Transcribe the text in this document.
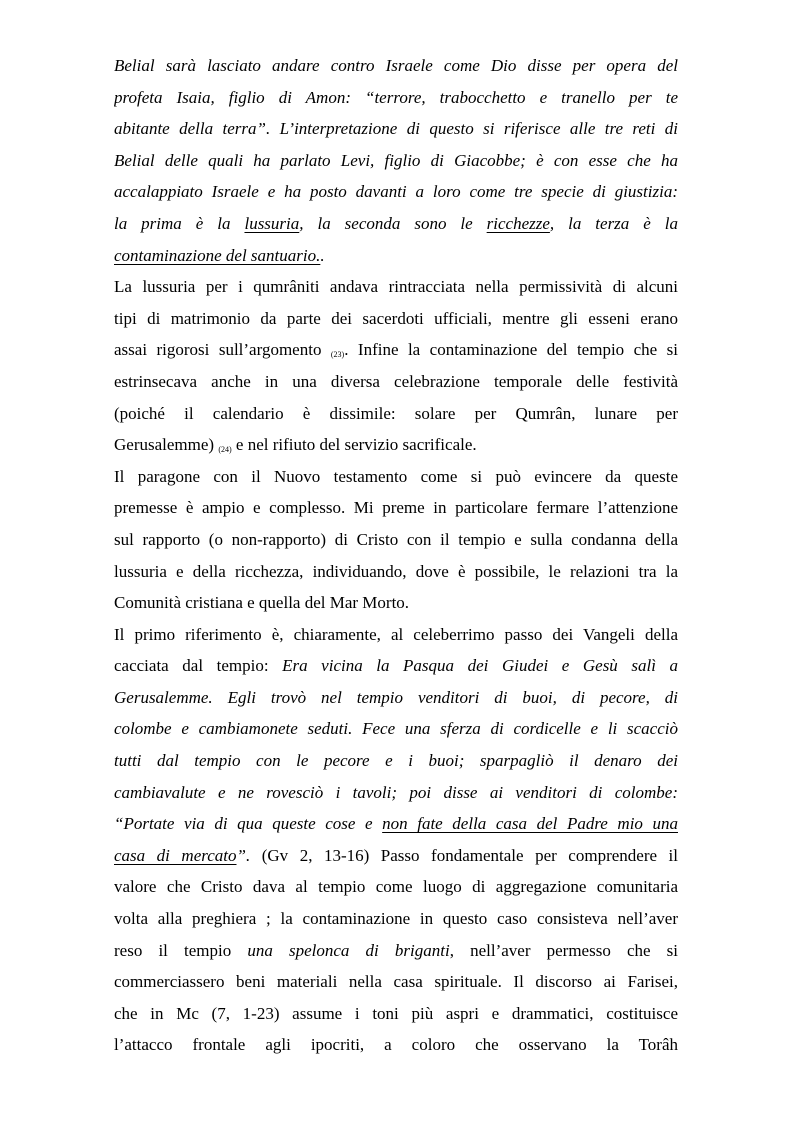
Belial sarà lasciato andare contro Israele come Dio disse per opera del
profeta Isaia, figlio di Amon: “terrore, trabocchetto e tranello per te
abitante della terra”. L’interpretazione di questo si riferisce alle tre reti di
Belial delle quali ha parlato Levi, figlio di Giacobbe; è con esse che ha
accalappiato Israele e ha posto davanti a loro come tre specie di giustizia:
la prima è la lussuria, la seconda sono le ricchezze, la terza è la
contaminazione del santuario..
La lussuria per i qumrâniti andava rintracciata nella permissività di alcuni
tipi di matrimonio da parte dei sacerdoti ufficiali, mentre gli esseni erano
assai rigorosi sull’argomento (23). Infine la contaminazione del tempio che si
estrinsecava anche in una diversa celebrazione temporale delle festività
(poiché il calendario è dissimile: solare per Qumrân, lunare per
Gerusalemme) (24) e nel rifiuto del servizio sacrificale.
Il paragone con il Nuovo testamento come si può evincere da queste
premesse è ampio e complesso. Mi preme in particolare fermare l’attenzione
sul rapporto (o non-rapporto) di Cristo con il tempio e sulla condanna della
lussuria e della ricchezza, individuando, dove è possibile, le relazioni tra la
Comunità cristiana e quella del Mar Morto.
Il primo riferimento è, chiaramente, al celeberrimo passo dei Vangeli della
cacciata dal tempio: Era vicina la Pasqua dei Giudei e Gesù salì a
Gerusalemme. Egli trovò nel tempio venditori di buoi, di pecore, di
colombe e cambiamonete seduti. Fece una sferza di cordicelle e li scacciò
tutti dal tempio con le pecore e i buoi; sparpagliò il denaro dei
cambiavalute e ne rovesciò i tavoli; poi disse ai venditori di colombe:
“Portate via di qua queste cose e non fate della casa del Padre mio una
casa di mercato”. (Gv 2, 13-16) Passo fondamentale per comprendere il
valore che Cristo dava al tempio come luogo di aggregazione comunitaria
volta alla preghiera ; la contaminazione in questo caso consisteva nell’aver
reso il tempio una spelonca di briganti, nell’aver permesso che si
commerciassero beni materiali nella casa spirituale. Il discorso ai Farisei,
che in Mc (7, 1-23) assume i toni più aspri e drammatici, costituisce
l’attacco frontale agli ipocriti, a coloro che osservano la Torâh
